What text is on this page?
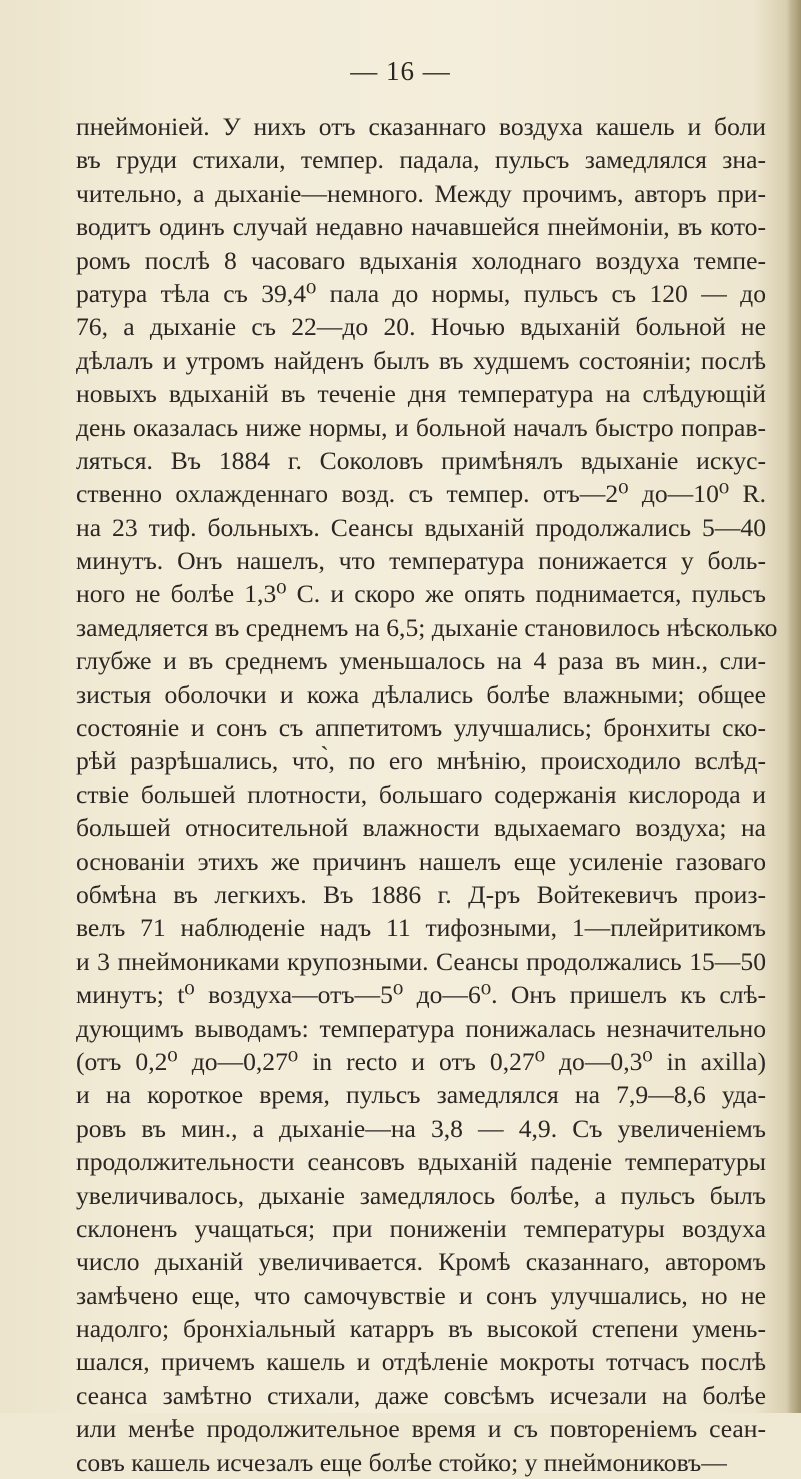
— 16 —
пнеймоніей. У нихъ отъ сказаннаго воздуха кашель и боли
въ груди стихали, темпер. падала, пульсъ замедлялся зна-
чительно, а дыханіе—немного. Между прочимъ, авторъ при-
водитъ одинъ случай недавно начавшейся пнеймоніи, въ кото-
ромъ послѣ 8 часоваго вдыханія холоднаго воздуха темпе-
ратура тѣла съ 39,4⁰ пала до нормы, пульсъ съ 120 — до
76, а дыханіе съ 22—до 20. Ночью вдыханій больной не
дѣлалъ и утромъ найденъ былъ въ худшемъ состояніи; послѣ
новыхъ вдыханій въ теченіе дня температура на слѣдующій
день оказалась ниже нормы, и больной началъ быстро поправ-
ляться. Въ 1884 г. Соколовъ примѣнялъ вдыханіе искус-
ственно охлажденнаго возд. съ темпер. отъ—2⁰ до—10⁰ R.
на 23 тиф. больныхъ. Сеансы вдыханій продолжались 5—40
минутъ. Онъ нашелъ, что температура понижается у боль-
ного не болѣе 1,3⁰ С. и скоро же опять поднимается, пульсъ
замедляется въ среднемъ на 6,5; дыханіе становилось нѣсколько
глубже и въ среднемъ уменьшалось на 4 раза въ мин., сли-
зистыя оболочки и кожа дѣлались болѣе влажными; общее
состояніе и сонъ съ аппетитомъ улучшались; бронхиты ско-
рѣй разрѣшались, что̀, по его мнѣнію, происходило вслѣд-
ствіе большей плотности, большаго содержанія кислорода и
большей относительной влажности вдыхаемаго воздуха; на
основаніи этихъ же причинъ нашелъ еще усиленіе газоваго
обмѣна въ легкихъ. Въ 1886 г. Д-ръ Войтекевичъ произ-
велъ 71 наблюденіе надъ 11 тифозными, 1—плейритикомъ
и 3 пнеймониками крупозными. Сеансы продолжались 15—50
минутъ; t⁰ воздуха—отъ—5⁰ до—6⁰. Онъ пришелъ къ слѣ-
дующимъ выводамъ: температура понижалась незначительно
(отъ 0,2⁰ до—0,27⁰ in recto и отъ 0,27⁰ до—0,3⁰ in axilla)
и на короткое время, пульсъ замедлялся на 7,9—8,6 уда-
ровъ въ мин., а дыханіе—на 3,8 — 4,9. Съ увеличеніемъ
продолжительности сеансовъ вдыханій паденіе температуры
увеличивалось, дыханіе замедлялось болѣе, а пульсъ былъ
склоненъ учащаться; при пониженіи температуры воздуха
число дыханій увеличивается. Кромѣ сказаннаго, авторомъ
замѣчено еще, что самочувствіе и сонъ улучшались, но не
надолго; бронхіальный катарръ въ высокой степени умень-
шался, причемъ кашель и отдѣленіе мокроты тотчасъ послѣ
сеанса замѣтно стихали, даже совсѣмъ исчезали на болѣе
или менѣе продолжительное время и съ повтореніемъ сеан-
совъ кашель исчезалъ еще болѣе стойко; у пнеймониковъ—
